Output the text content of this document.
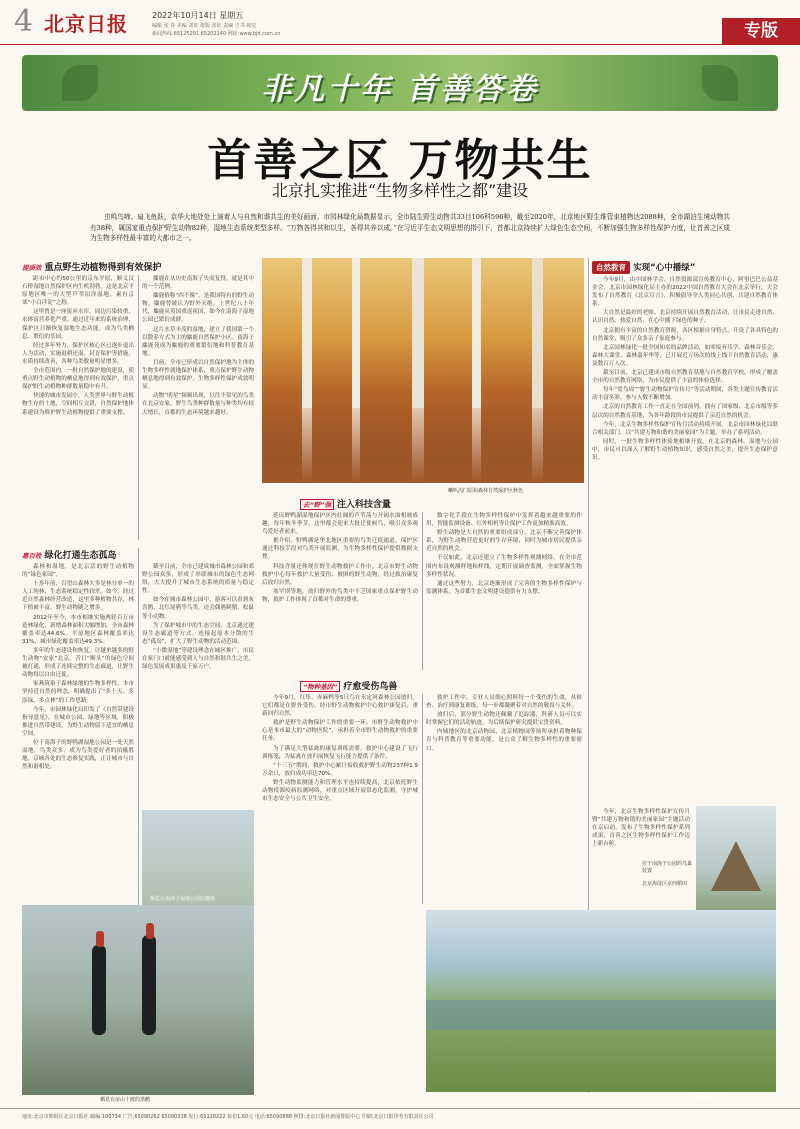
4 北京日报	2022年10月14日 星期五
编辑 张 春 美编 刘征 排版 张征 责编 吉书 视觉
新闻热线:65125291 65202140 网址:www.bjd.com.cn	专版
非凡十年 首善答卷
首善之区 万物共生
北京扎实推进“生物多样性之都”建设
虫鸣鸟啼、扇飞鱼跃，京华大地处处上演着人与自然和谐共生的美好画面。市园林绿化局数据显示，全市陆生野生动物共33目106科596种，截至2020年，北京地区野生维管束植物达2088种，全市湖泊生境动物共有38种，属国家重点保护野生动物82种，湿地生态系统类型多样。“万物各得其和以生，各得其养以成。”在习近平生态文明思想的指引下，首都北京持续扩大绿色生态空间，不断加强生物多样性保护力度，让首善之区成为生物多样性最丰富的大都市之一。
提质效 重点野生动植物得到有效保护

距市中心约50公里的京东平原，顺义汉石桥湿地自然保护区内生机勃勃。这是北京平原地区唯一的大型芦苇沼泽湿地，素有京郊“小白洋淀”之称。

这里曾是一座废弃水库，周边污染较重，水体富营养化严重。通过近年来的系统治理，保护区日渐恢复湿地生态功能，成为鸟类栖息、繁衍的乐园。

经过多年努力，保护区核心区已逐步退出人为活动，实施退耕还湿、封育保护等措施，水质持续改善，各种鸟类数量明显增多。

全市范围内，一批自然保护地的建设，使重点野生动植物的栖息地得到有效保护，重点保护野生动植物种群数量稳中有升。

快速的城市发展中，人类世界与野生动植物生存的土地，空间相互交错，自然保护地体系建设为维护野生动植物提供了重要支撑。

麋鹿在从历史南海子失而复得，就是其中的一个范例。

麋鹿俗称“四不像”，是我国特有的野生动物。麋鹿曾被认为野外灭绝。上世纪八十年代，麋鹿从英国重返祖国，如今在南海子湿地公园已繁衍成群。

这片水草丰茂的湿地，建立了我国第一个以散养方式为主的麋鹿自然保护小区。南海子麋鹿苑成为麋鹿的重要繁衍地和科普教育基地。

目前，全市已形成以自然保护地为主体的生物多样性就地保护体系，重点保护野生动物栖息地得到有效保护，生物多样性保护成效明显。

动物“明星”频频出现，以往不常见的鸟类在北京安家，野生鸟类种群数量与种类均有较大增长，首都的生态环境越来越好。

喇叭沟门原始森林自然保护区秋色
自然教育 实现“心中播绿”

今年9月，由中国林学会、自然资源部宣传教育中心、阿里巴巴公益基金会、北京市园林绿化局主办的2022中国自然教育大会在北京举行，大会发布了自然教育《北京宣言》，积极倡导全人类同心共创、共建自然教育体系。

大自然是最好的老师。北京持续开展自然教育活动，让市民走进自然、认识自然、热爱自然，在心中播下绿色的种子。

北京拥有丰富的自然教育资源，各区根据自身特点，开设了各具特色的自然课堂，吸引了众多亲子家庭参与。

北京园林绿化一批全国知名的品牌活动，如零废弃乐学、森林音乐会、森林大课堂、森林嘉年华等，已开展近万场次的线上线下自然教育活动，惠及数百万人次。

截至目前，北京已建成市级自然教育基地与自然教育学校，形成了覆盖全市的自然教育网络，为市民提供了丰富的体验选择。

每年“爱鸟周”“野生动物保护宣传月”等活动期间，各类主题宣传教育活动丰富多彩，参与人数不断增加。

北京的自然教育工作一直走在全国前列，拥有了国家级、北京市级等多层次的自然教育基地，为各年龄段的市民提供了亲近自然的机会。

今年，北京生物多样性保护宣传月活动持续开展，北京市园林绿化局联合相关部门，以“共建万物和谐的美丽家园”为主题，举办了系列活动。

同时，一批生物多样性体验地相继开放，在北京的森林、湿地与公园中，市民可以深入了解野生动植物知识，感受自然之美，提升生态保护意识。

去“野”强 注入科技含量

延庆野鸭湖湿地保护区内壮阔的芦苇荡与开阔水面相映成趣，每年秋冬季节，这里都会迎来大批迁徙候鸟，吸引众多观鸟爱好者前来。

据介绍，野鸭湖是华北地区重要的鸟类迁徙通道，保护区通过科技手段对鸟类开展监测，为生物多样性保护提供数据支撑。

科技含量还体现在野生动物救护工作中。北京市野生动物救护中心每年救护大量受伤、被困的野生动物，经过救治康复后放归自然。

塞罕坝等地，放归野外的鸟类中不乏国家重点保护野生动物，救护工作体现了首都对生命的尊重。

数字化手段在生物多样性保护中发挥着越来越重要的作用，智能监测设备、红外相机等让保护工作更加精准高效。

野生动物是大自然的重要组成部分，北京不断完善保护体系，为野生动物营造更好的生存环境，同时为城市居民提供亲近自然的机会。

不仅如此，北京还建立了生物多样性观测网络，在全市范围内布设观测样地和样线，定期开展调查监测，全面掌握生物多样性状况。

通过这些努力，北京逐渐形成了完善的生物多样性保护与监测体系，为首都生态文明建设提供有力支撑。

惠百姓 绿化打通生态孤岛

森林和湿地，是北京活的野生动植物的“绿色家园”。

十多年前，百望山森林大多是林分单一的人工纯林，生态系统稳定性较差。如今，经过近自然森林经营改造，这里多种植物共存，林下植被丰富，野生动物随之增多。

2012年至今，本市相继实施两轮百万亩造林绿化，新增森林面积大幅增加，全市森林覆盖率达44.6%。平原地区森林覆盖率达31%，城市绿化覆盖率达49.3%。

多年的生态建设和恢复，让越来越多的野生动物“安家”北京。昔日“断头”的绿色空间被打通，形成了连续完整的生态廊道，让野生动物得以自由迁徙。

家燕筑巢于森林绿地的生物多样性，本市坚持近自然的理念，明确提出了“多上天、多添绿、多点林”的工作思路。

今年，市园林绿化局印发了《自然带建设指导意见》，在城市公园、绿地等区域，积极推进自然带建设，为野生动物留下适宜的栖息空间。

位于南海子的野鸭湖湿地公园是一处天然湿地，鸟类众多，成为鸟类爱好者的拍摄胜地。京城各处的生态修复实践，正让城市与自然和谐相处。

截至目前，全市已建成城市森林公园和郊野公园众多，形成了串联城市的绿色生态网络，大大提升了城市生态系统的质量与稳定性。

如今在城市森林公园中，游客可以看到灰喜鹊、北红尾鸲等鸟类，还会偶遇刺猬、松鼠等小动物。

为了保护城市中的生态空间，北京通过建设生态廊道等方式，连接起原本分散的生态“孤岛”，扩大了野生动物的活动范围。

“小微湿地”等建设理念在城区推广，市民在家门口就能感受到人与自然和谐共生之美，绿色发展成果惠及千家万户。

“物种基因” 疗愈受伤鸟兽

今年9月，红隼、赤麻鸭等5只鸟在永定河森林公园放归。它们都是在野外受伤、经市野生动物救护中心救护康复后，重新回归自然。

救护是野生动物保护工作的重要一环。市野生动物救护中心是本市最大的“动物医院”，承担着全市野生动物救护的重要任务。

为了满足大型猛禽的康复训练需要，救护中心建设了飞行训练笼，为猛禽在放归前恢复飞行能力提供了条件。

“十三五”期间，救护中心累计接收救护野生动物237种1.9万余只，放归成功率达70%。

野生动物监测能力和管理水平也持续提高，北京依托野生动物疫源疫病监测网络，对重点区域开展常态化监测，守护城市生态安全与公共卫生安全。

救护工作中，专业人员细心照料每一个受伤的生命，从检查、治疗到康复训练，每一步都凝聚着对自然的敬畏与关怀。

放归后，部分野生动物还佩戴了追踪器，科研人员可以实时掌握它们的活动轨迹，为后续保护研究提供宝贵资料。

内城地区的北京动物园、北京植物园等场所承担着物种保育与科普教育等重要功能，是公众了解生物多样性的重要窗口。

栖息在房山十渡的黑鹳	野鸭湖湿地公园
位于南海子公园的鸟巢装置
北京海淀区京西稻田

今年，北京生物多样性保护宣传月暨“共建万物和谐的美丽家园”主题活动在京启动，发布了生物多样性保护系列成果，首善之区生物多样性保护工作迈上新台阶。

栖息在南海子湿地公园的麋鹿
地址:北京市朝阳区北京日报社 邮编:100734 广告:65090262 65090338 发行:65128222 每份1.60元 电话:65090888 照排:北京日报社新闻排版中心 印刷:北京日报印务有限责任公司
